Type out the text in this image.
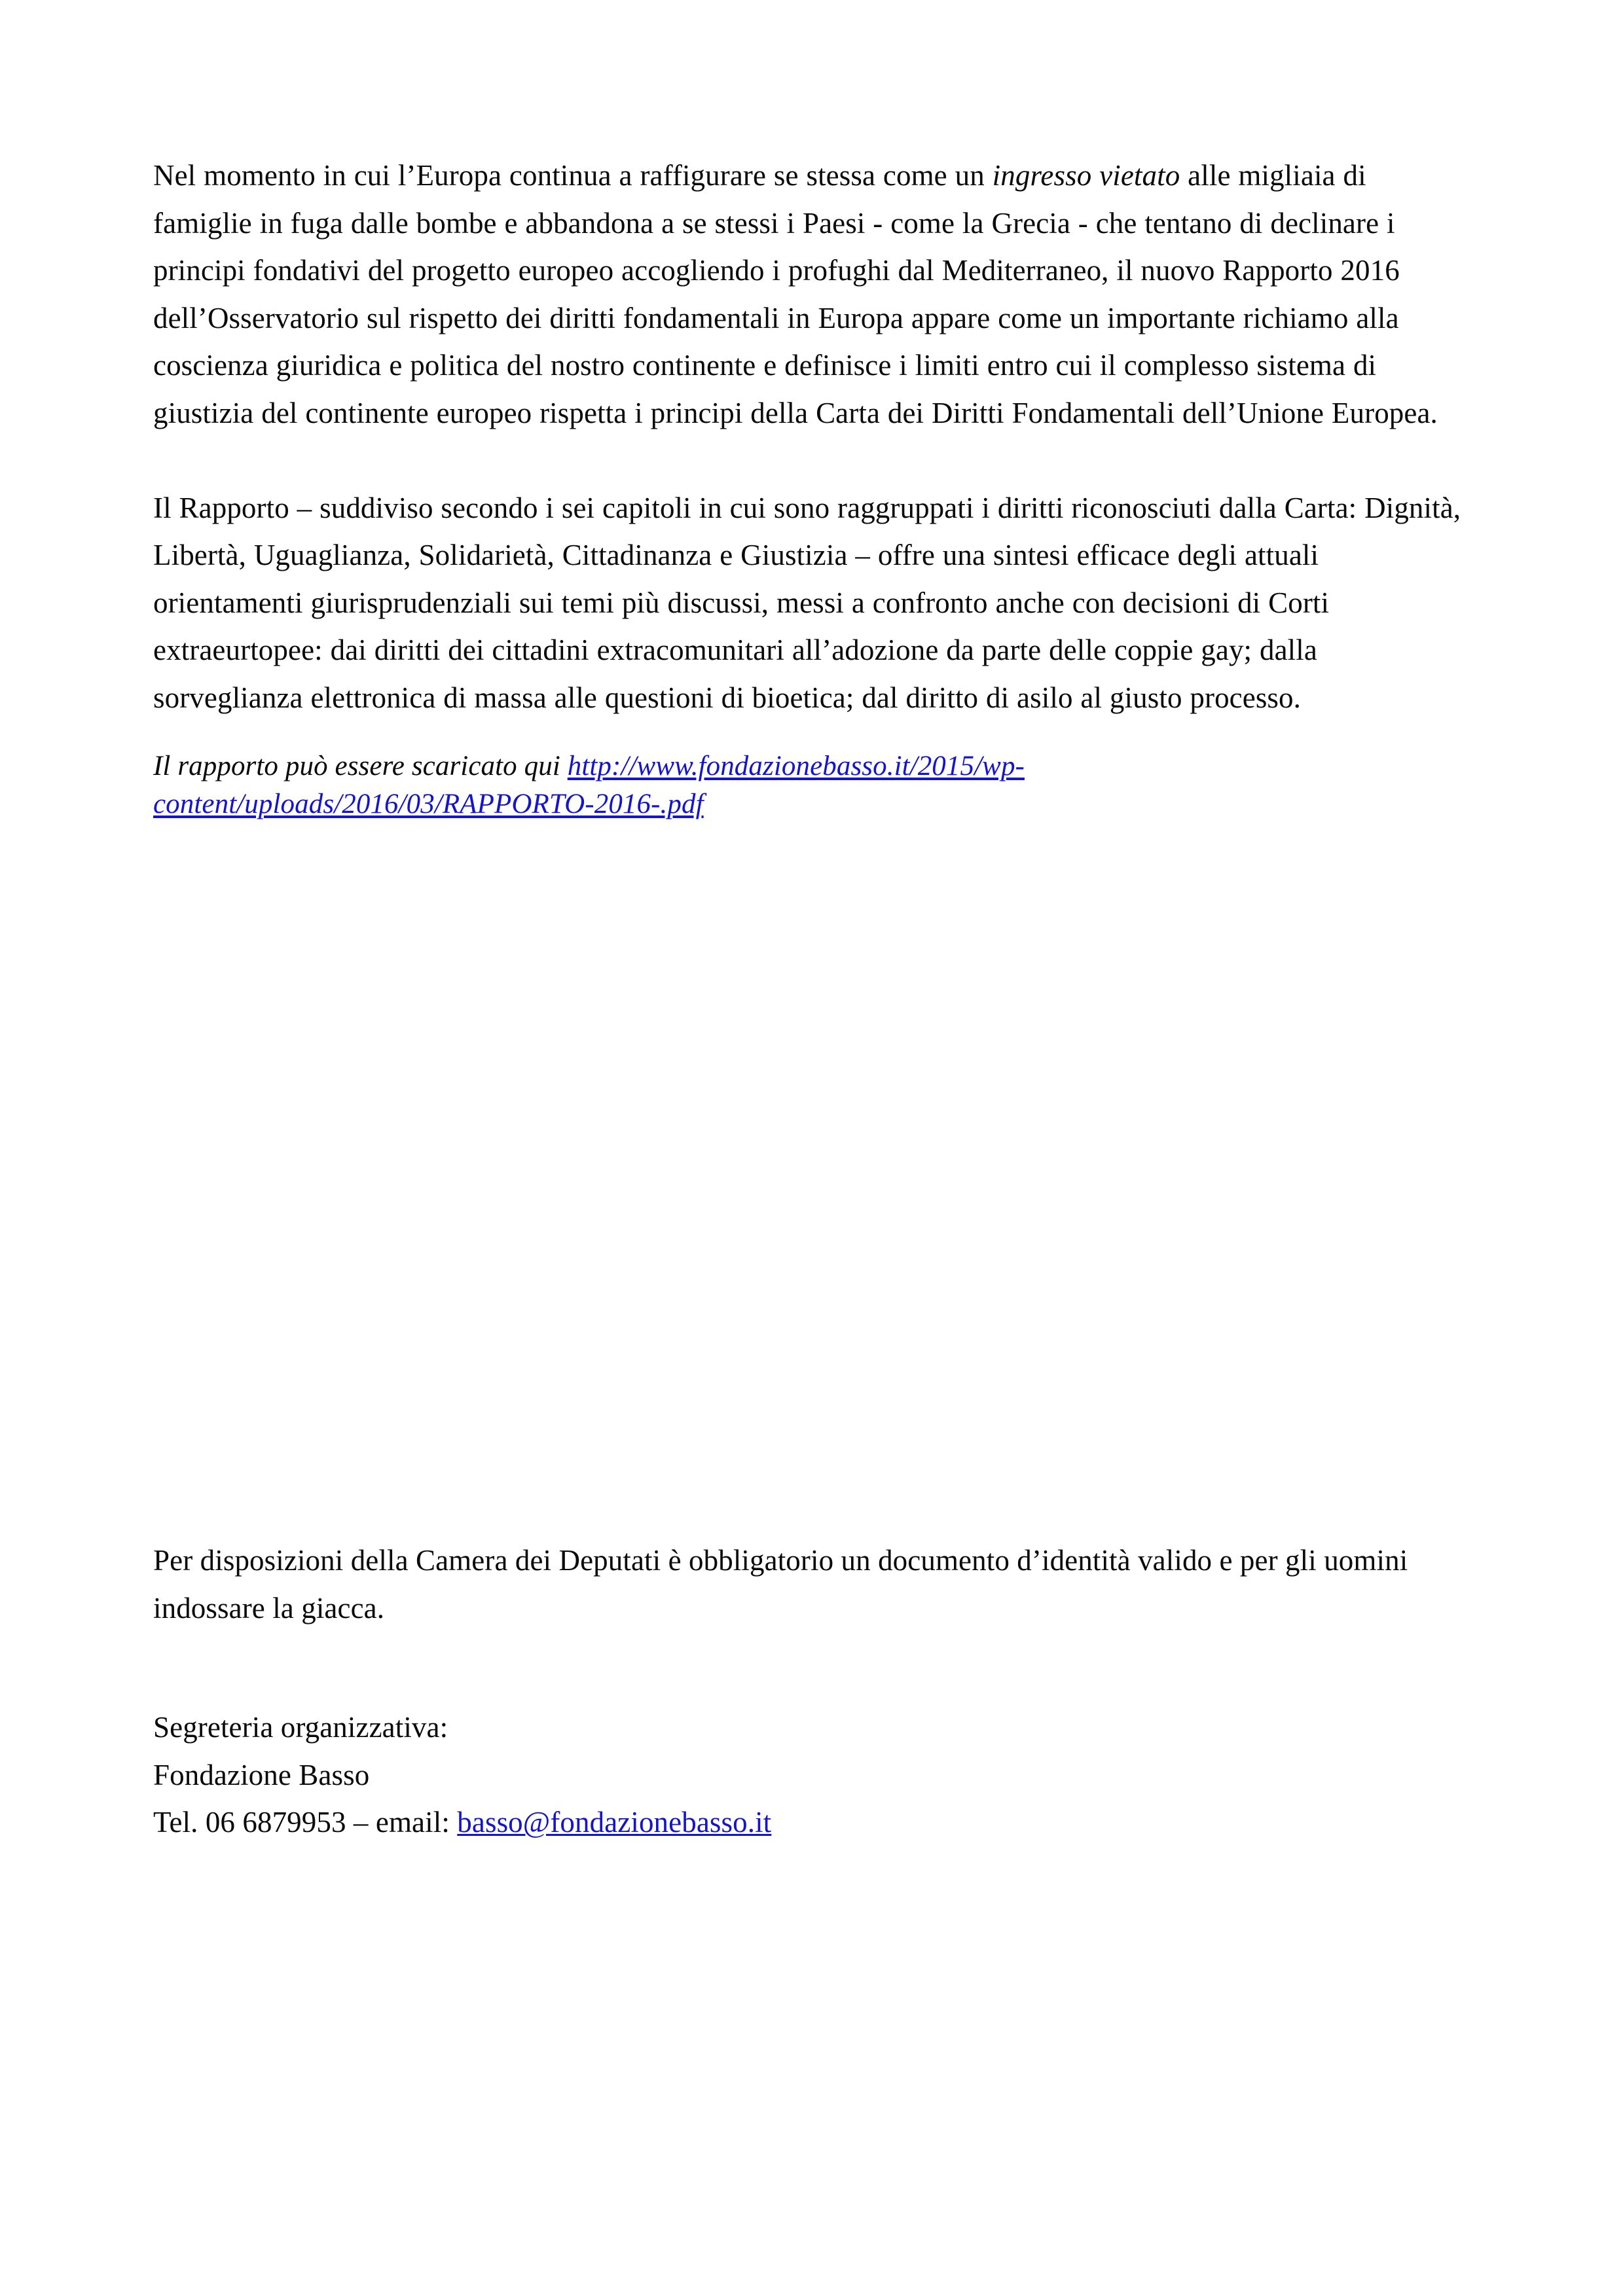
Nel momento in cui l’Europa continua a raffigurare se stessa come un ingresso vietato alle migliaia di famiglie in fuga dalle bombe e abbandona a se stessi i Paesi - come la Grecia - che tentano di declinare i principi fondativi del progetto europeo accogliendo i profughi dal Mediterraneo, il nuovo Rapporto 2016 dell’Osservatorio sul rispetto dei diritti fondamentali in Europa appare come un importante richiamo alla coscienza giuridica e politica del nostro continente e definisce i limiti entro cui il complesso sistema di giustizia del continente europeo rispetta i principi della Carta dei Diritti Fondamentali dell’Unione Europea.

Il Rapporto – suddiviso secondo i sei capitoli in cui sono raggruppati i diritti riconosciuti dalla Carta: Dignità, Libertà, Uguaglianza, Solidarietà, Cittadinanza e Giustizia – offre una sintesi efficace degli attuali orientamenti giurisprudenziali sui temi più discussi, messi a confronto anche con decisioni di Corti extraeurtopee: dai diritti dei cittadini extracomunitari all’adozione da parte delle coppie gay; dalla sorveglianza elettronica di massa alle questioni di bioetica; dal diritto di asilo al giusto processo.

Il rapporto può essere scaricato qui http://www.fondazionebasso.it/2015/wp-content/uploads/2016/03/RAPPORTO-2016-.pdf

Per disposizioni della Camera dei Deputati è obbligatorio un documento d’identità valido e per gli uomini indossare la giacca.

Segreteria organizzativa:

Fondazione Basso

Tel. 06 6879953 – email: basso@fondazionebasso.it
